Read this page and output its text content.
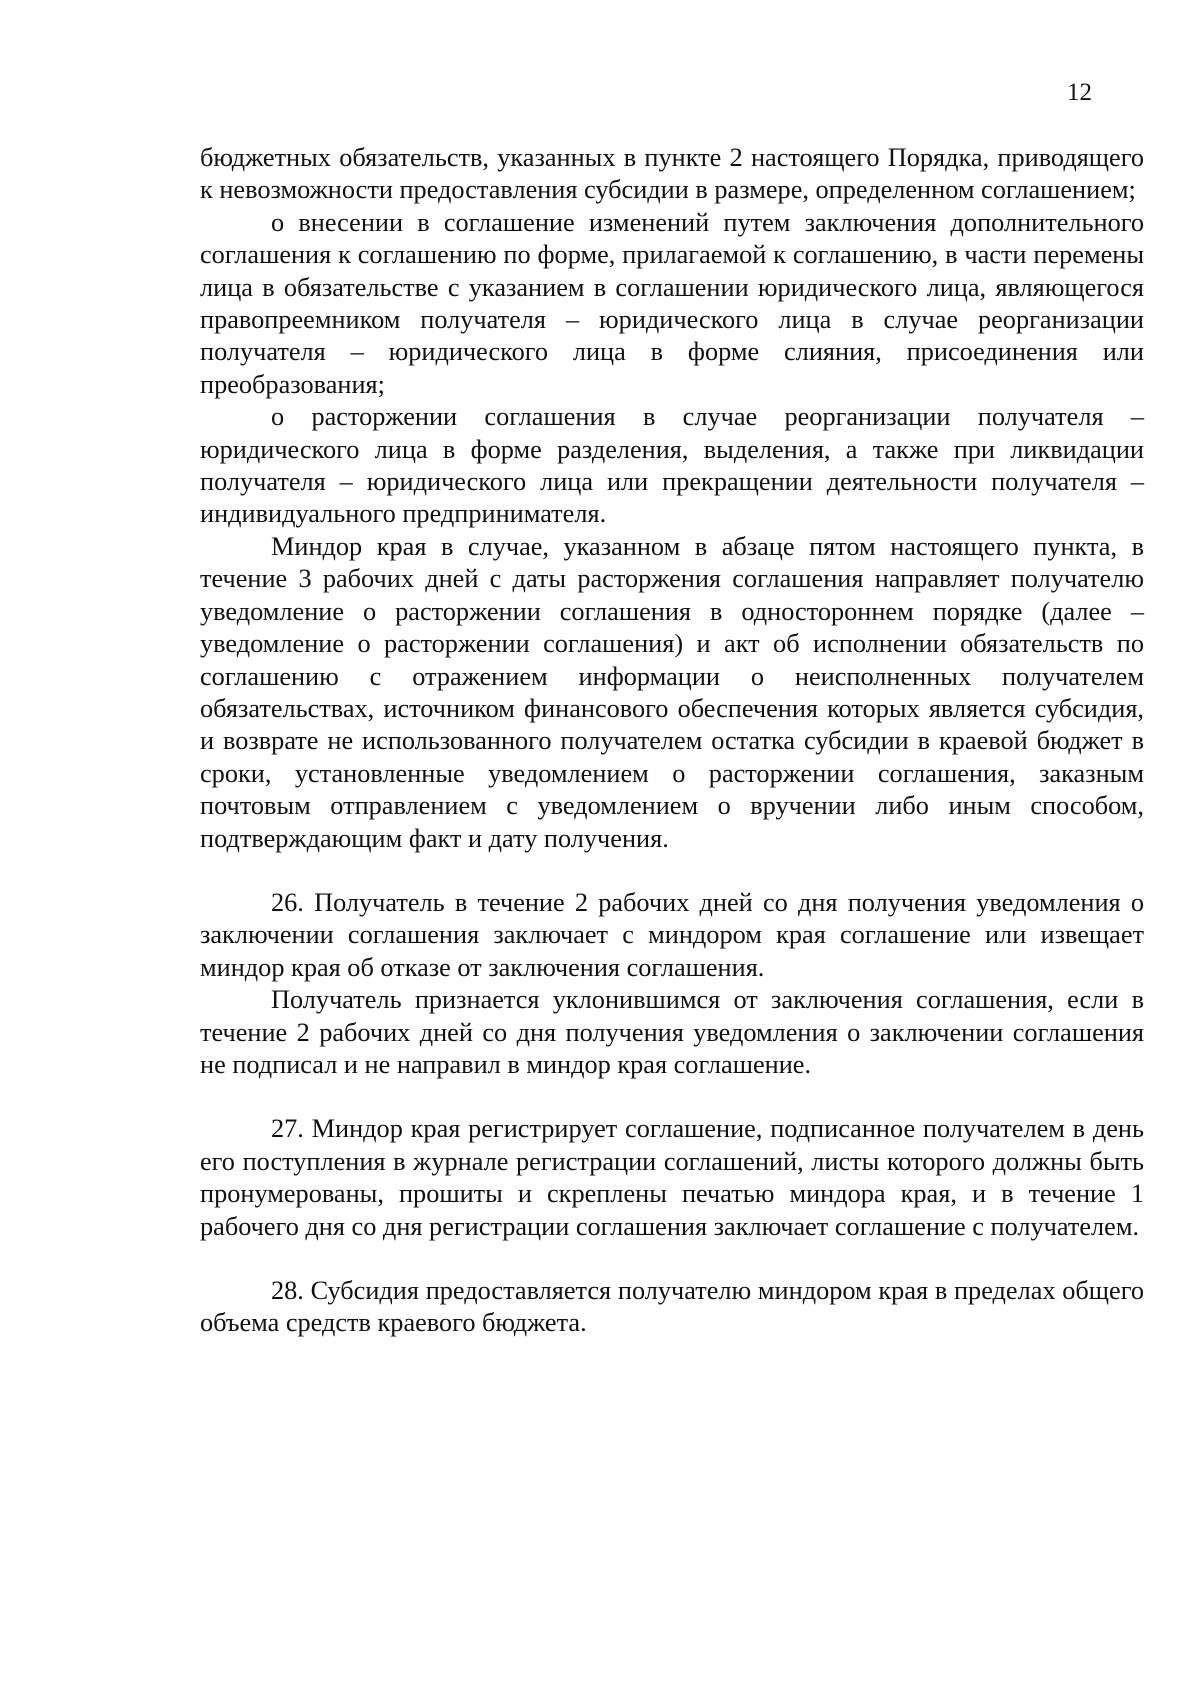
12

бюджетных обязательств, указанных в пункте 2 настоящего Порядка, приводящего к невозможности предоставления субсидии в размере, определенном соглашением;

о внесении в соглашение изменений путем заключения дополнительного соглашения к соглашению по форме, прилагаемой к соглашению, в части перемены лица в обязательстве с указанием в соглашении юридического лица, являющегося правопреемником получателя – юридического лица в случае реорганизации получателя – юридического лица в форме слияния, присоединения или преобразования;

о расторжении соглашения в случае реорганизации получателя – юридического лица в форме разделения, выделения, а также при ликвидации получателя – юридического лица или прекращении деятельности получателя – индивидуального предпринимателя.

Миндор края в случае, указанном в абзаце пятом настоящего пункта, в течение 3 рабочих дней с даты расторжения соглашения направляет получателю уведомление о расторжении соглашения в одностороннем порядке (далее – уведомление о расторжении соглашения) и акт об исполнении обязательств по соглашению с отражением информации о неисполненных получателем обязательствах, источником финансового обеспечения которых является субсидия, и возврате не использованного получателем остатка субсидии в краевой бюджет в сроки, установленные уведомлением о расторжении соглашения, заказным почтовым отправлением с уведомлением о вручении либо иным способом, подтверждающим факт и дату получения.

26. Получатель в течение 2 рабочих дней со дня получения уведомления о заключении соглашения заключает с миндором края соглашение или извещает миндор края об отказе от заключения соглашения.

Получатель признается уклонившимся от заключения соглашения, если в течение 2 рабочих дней со дня получения уведомления о заключении соглашения не подписал и не направил в миндор края соглашение.

27. Миндор края регистрирует соглашение, подписанное получателем в день его поступления в журнале регистрации соглашений, листы которого должны быть пронумерованы, прошиты и скреплены печатью миндора края, и в течение 1 рабочего дня со дня регистрации соглашения заключает соглашение с получателем.

28. Субсидия предоставляется получателю миндором края в пределах общего объема средств краевого бюджета.
